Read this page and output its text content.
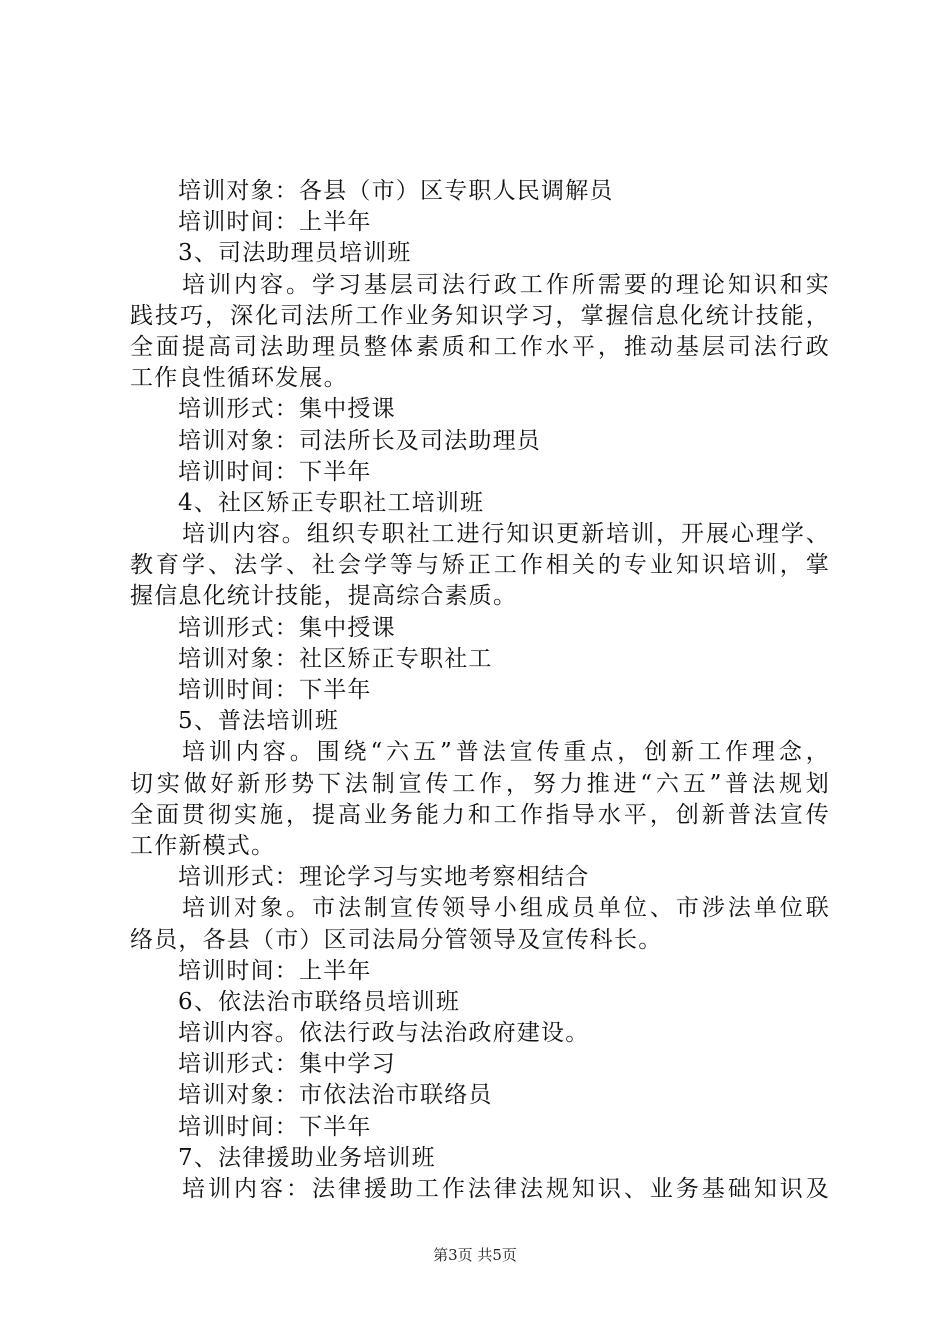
培训对象：各县（市）区专职人民调解员
培训时间：上半年
3、司法助理员培训班
培训内容。学习基层司法行政工作所需要的理论知识和实
践技巧，深化司法所工作业务知识学习，掌握信息化统计技能，
全面提高司法助理员整体素质和工作水平，推动基层司法行政
工作良性循环发展。
培训形式：集中授课
培训对象：司法所长及司法助理员
培训时间：下半年
4、社区矫正专职社工培训班
培训内容。组织专职社工进行知识更新培训，开展心理学、
教育学、法学、社会学等与矫正工作相关的专业知识培训，掌
握信息化统计技能，提高综合素质。
培训形式：集中授课
培训对象：社区矫正专职社工
培训时间：下半年
5、普法培训班
培训内容。围绕“六五”普法宣传重点，创新工作理念，
切实做好新形势下法制宣传工作，努力推进“六五”普法规划
全面贯彻实施，提高业务能力和工作指导水平，创新普法宣传
工作新模式。
培训形式：理论学习与实地考察相结合
培训对象。市法制宣传领导小组成员单位、市涉法单位联
络员，各县（市）区司法局分管领导及宣传科长。
培训时间：上半年
6、依法治市联络员培训班
培训内容。依法行政与法治政府建设。
培训形式：集中学习
培训对象：市依法治市联络员
培训时间：下半年
7、法律援助业务培训班
培训内容：法律援助工作法律法规知识、业务基础知识及
第3页 共5页
